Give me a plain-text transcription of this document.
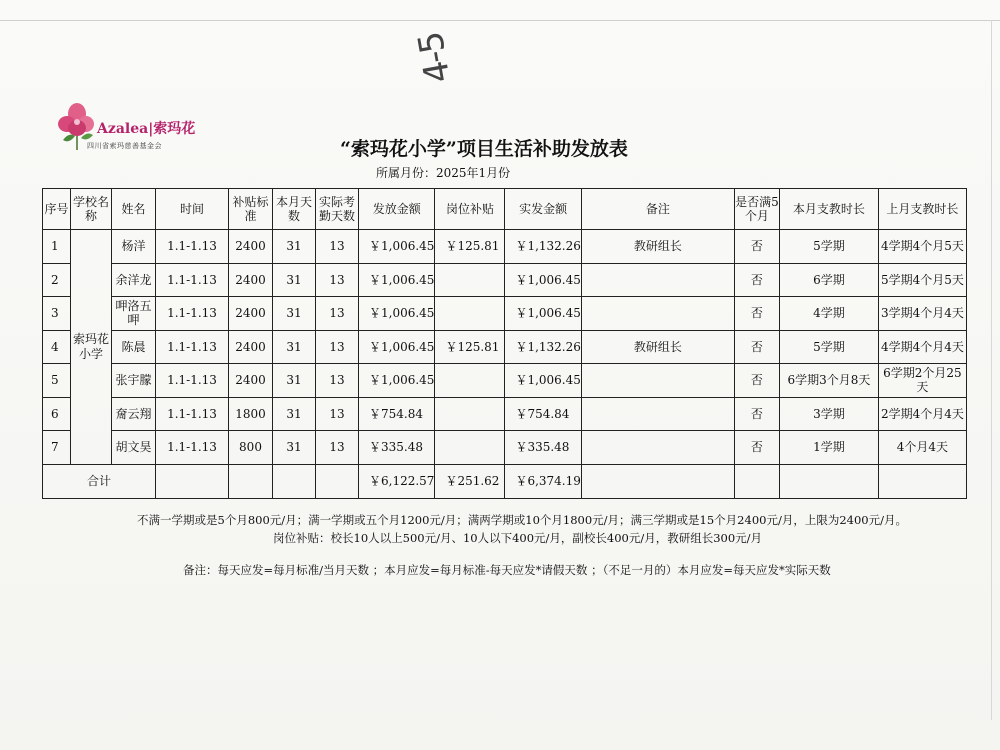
4-5
Azalea|索玛花
四川省索玛慈善基金会	“索玛花小学”项目生活补助发放表
所属月份：2025年1月份
序号	学校名称	姓名	时间	补贴标准	本月天数	实际考勤天数	发放金额	岗位补贴	实发金额	备注	是否满5个月	本月支教时长	上月支教时长
1	索玛花小学	杨洋	1.1-1.13	2400	31	13	￥1,006.45	￥125.81	￥1,132.26	教研组长	否	5学期	4学期4个月5天
2		余洋龙	1.1-1.13	2400	31	13	￥1,006.45		￥1,006.45		否	6学期	5学期4个月5天
3		呷洛五呷	1.1-1.13	2400	31	13	￥1,006.45		￥1,006.45		否	4学期	3学期4个月4天
4		陈晨	1.1-1.13	2400	31	13	￥1,006.45	￥125.81	￥1,132.26	教研组长	否	5学期	4学期4个月4天
5		张宇朦	1.1-1.13	2400	31	13	￥1,006.45		￥1,006.45		否	6学期3个月8天	6学期2个月25天
6		奝云翔	1.1-1.13	1800	31	13	￥754.84		￥754.84		否	3学期	2学期4个月4天
7		胡文昊	1.1-1.13	800	31	13	￥335.48		￥335.48		否	1学期	4个月4天
合计							￥6,122.57	￥251.62	￥6,374.19				
不满一学期或是5个月800元/月；满一学期或五个月1200元/月；满两学期或10个月1800元/月；满三学期或是15个月2400元/月，上限为2400元/月。
岗位补贴：校长10人以上500元/月、10人以下400元/月，副校长400元/月，教研组长300元/月
备注：每天应发=每月标准/当月天数 ；本月应发=每月标准-每天应发*请假天数 ；（不足一月的）本月应发=每天应发*实际天数
